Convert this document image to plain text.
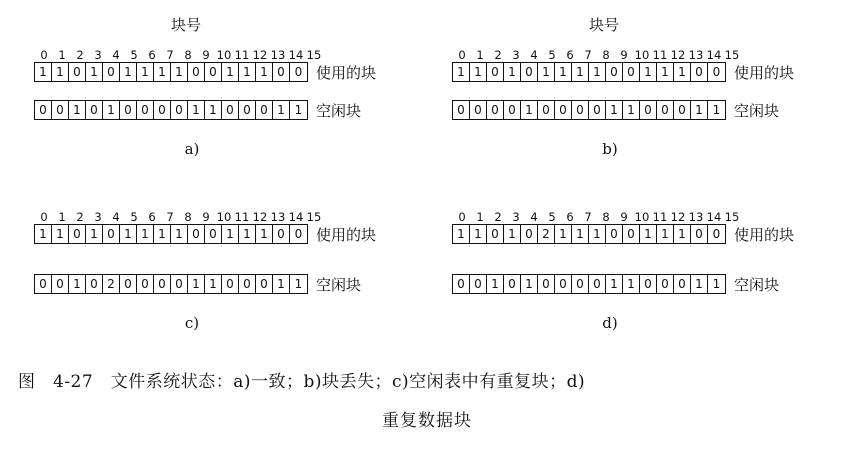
块号
0 1 2 3 4 5 6 7 8 9 10 11 12 13 14 15
1 1 0 1 0 1 1 1 1 0 0 1 1 1 0 0 使用的块
0 0 1 0 1 0 0 0 0 1 1 0 0 0 1 1 空闲块
a)
块号
0 1 2 3 4 5 6 7 8 9 10 11 12 13 14 15
1 1 0 1 0 1 1 1 1 0 0 1 1 1 0 0 使用的块
0 0 0 0 1 0 0 0 0 1 1 0 0 0 1 1 空闲块
b)
0 1 2 3 4 5 6 7 8 9 10 11 12 13 14 15
1 1 0 1 0 1 1 1 1 0 0 1 1 1 0 0 使用的块
0 0 1 0 2 0 0 0 0 1 1 0 0 0 1 1 空闲块
c)
0 1 2 3 4 5 6 7 8 9 10 11 12 13 14 15
1 1 0 1 0 2 1 1 1 0 0 1 1 1 0 0 使用的块
0 0 1 0 1 0 0 0 0 1 1 0 0 0 1 1 空闲块
d)
图　4-27　文件系统状态：a)一致；b)块丢失；c)空闲表中有重复块；d)
重复数据块
